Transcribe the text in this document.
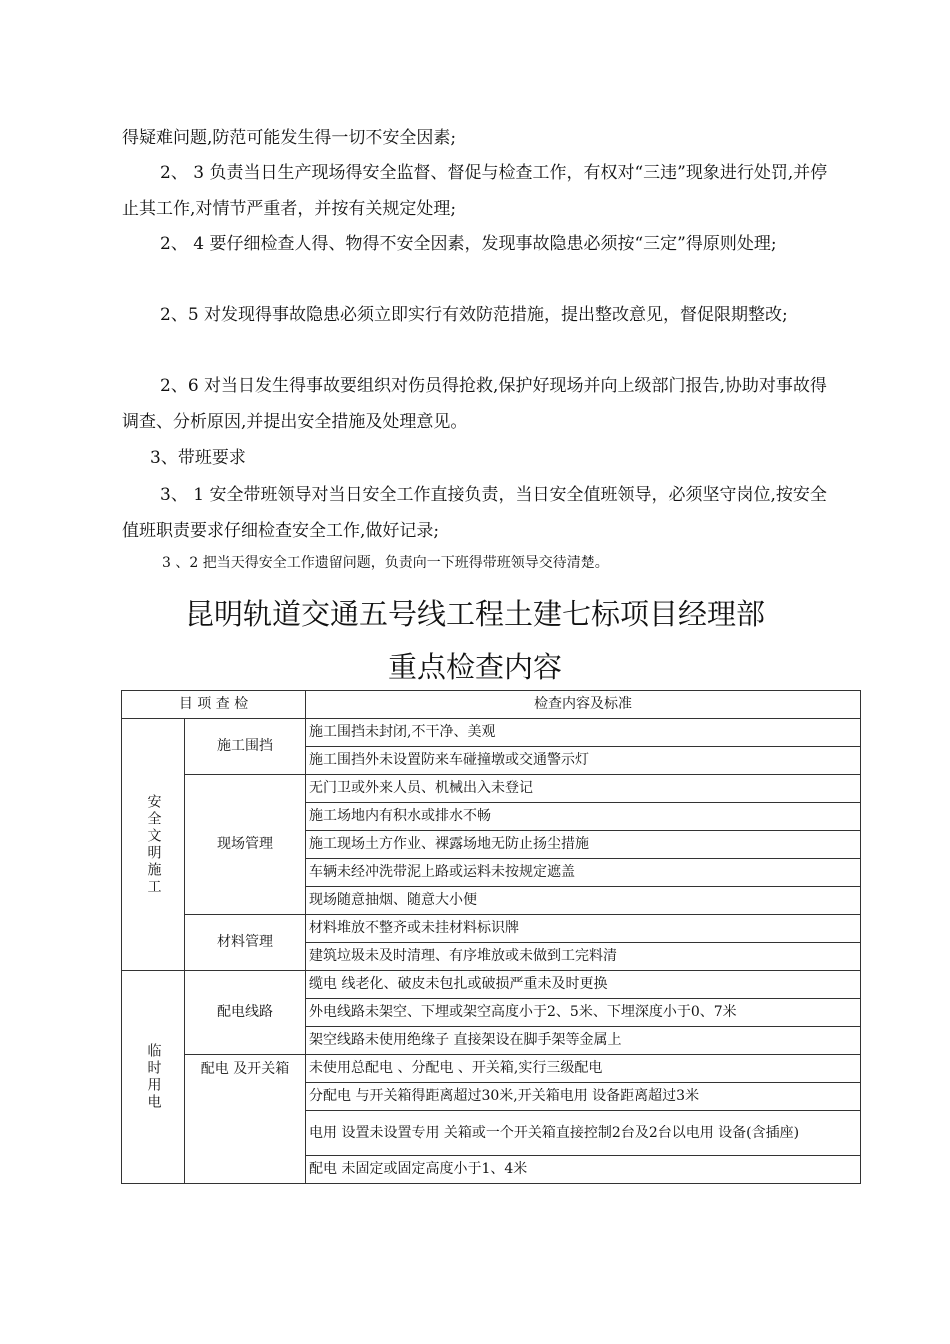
得疑难问题,防范可能发生得一切不安全因素;

2、 3 负责当日生产现场得安全监督、督促与检查工作，有权对“三违”现象进行处罚,并停止其工作,对情节严重者，并按有关规定处理;

2、 4 要仔细检查人得、物得不安全因素，发现事故隐患必须按“三定”得原则处理;

2、5 对发现得事故隐患必须立即实行有效防范措施，提出整改意见，督促限期整改;

2、6 对当日发生得事故要组织对伤员得抢救,保护好现场并向上级部门报告,协助对事故得调查、分析原因,并提出安全措施及处理意见。

3、带班要求

3、 1 安全带班领导对当日安全工作直接负责，当日安全值班领导，必须坚守岗位,按安全值班职责要求仔细检查安全工作,做好记录;

3 、2 把当天得安全工作遗留问题，负责向一下班得带班领导交待清楚。

昆明轨道交通五号线工程土建七标项目经理部
重点检查内容
目 项 查 检		检查内容及标准
安全文明施工	施工围挡	施工围挡未封闭,不干净、美观
		施工围挡外未设置防来车碰撞墩或交通警示灯
	现场管理	无门卫或外来人员、机械出入未登记
		施工场地内有积水或排水不畅
		施工现场土方作业、裸露场地无防止扬尘措施
		车辆未经冲洗带泥上路或运料未按规定遮盖
		现场随意抽烟、随意大小便
	材料管理	材料堆放不整齐或未挂材料标识牌
		建筑垃圾未及时清理、有序堆放或未做到工完料清
临时用电	配电线路	缆电 线老化、破皮未包扎或破损严重未及时更换
		外电线路未架空、下埋或架空高度小于2、5米、下埋深度小于0、7米
		架空线路未使用绝缘子 直接架设在脚手架等金属上
	配电 及开关箱	未使用总配电 、分配电 、开关箱,实行三级配电
		分配电 与开关箱得距离超过30米,开关箱电用 设备距离超过3米
		电用 设置未设置专用 关箱或一个开关箱直接控制2台及2台以电用 设备(含插座)
		配电 未固定或固定高度小于1、4米
